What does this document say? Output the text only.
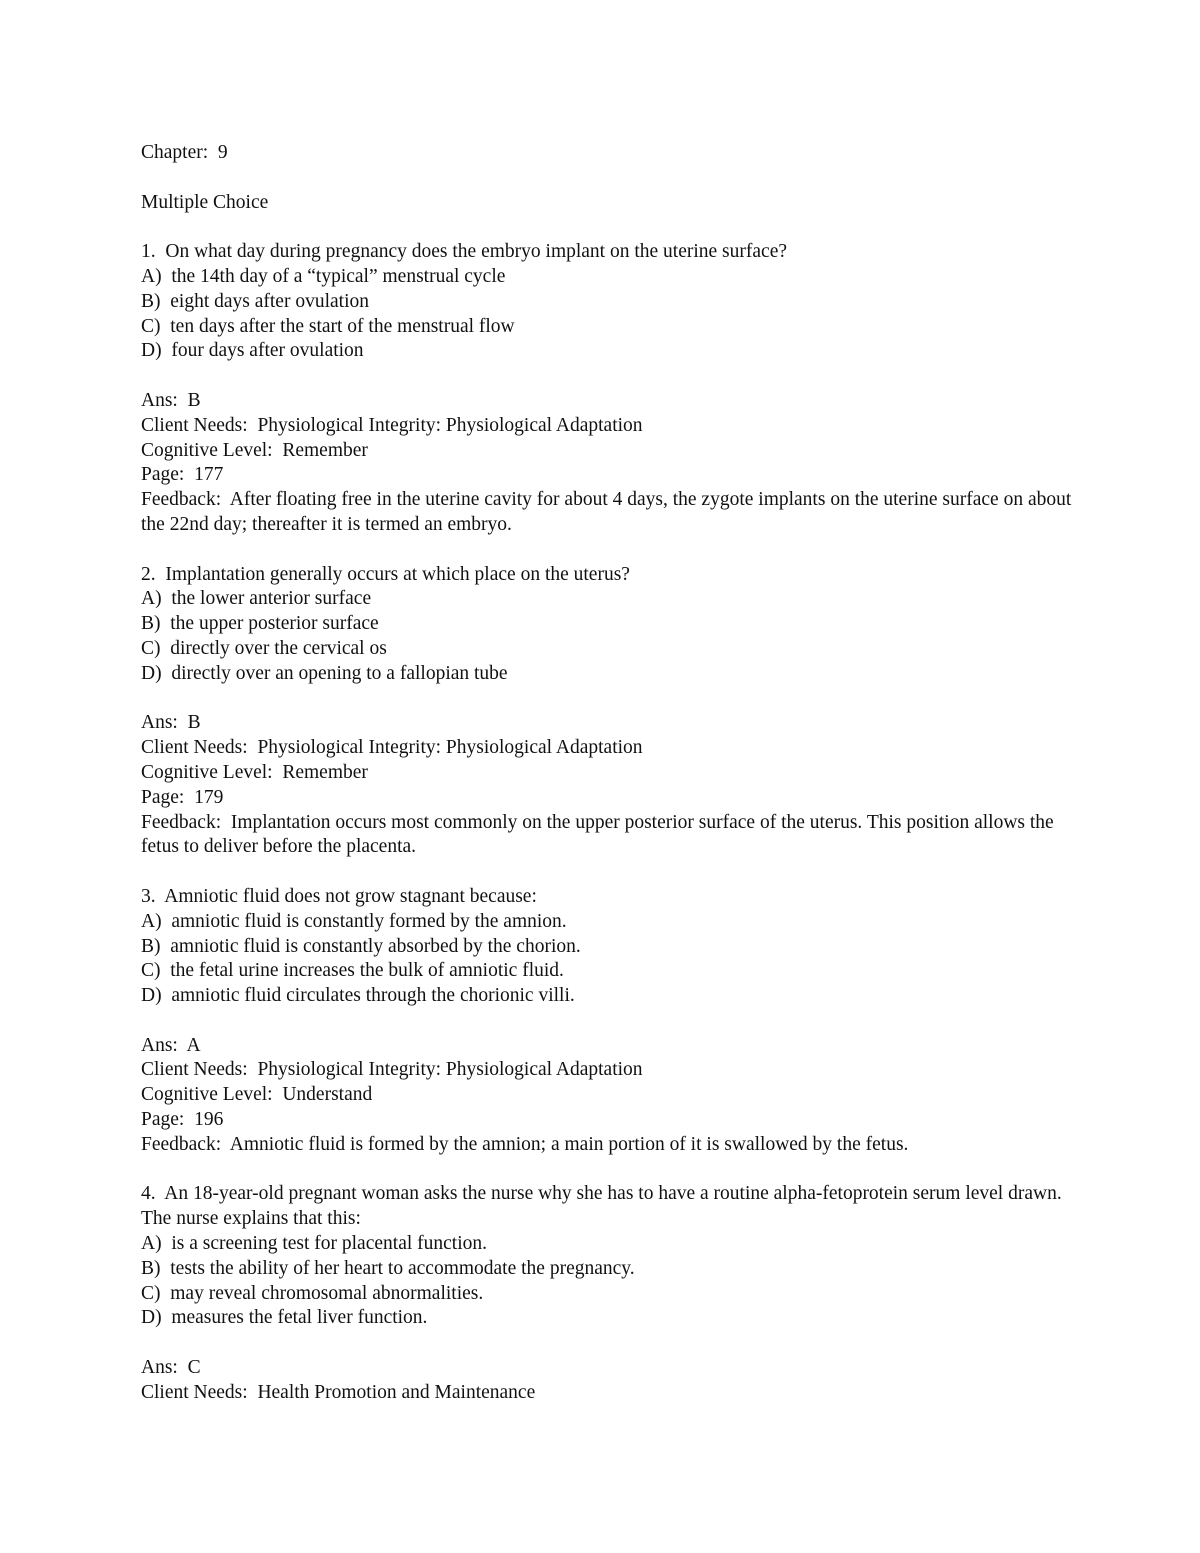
Chapter:  9
Multiple Choice
1.  On what day during pregnancy does the embryo implant on the uterine surface?
A)  the 14th day of a “typical” menstrual cycle
B)  eight days after ovulation
C)  ten days after the start of the menstrual flow
D)  four days after ovulation
Ans:  B
Client Needs:  Physiological Integrity: Physiological Adaptation
Cognitive Level:  Remember
Page:  177
Feedback:  After floating free in the uterine cavity for about 4 days, the zygote implants on the uterine surface on about the 22nd day; thereafter it is termed an embryo.
2.  Implantation generally occurs at which place on the uterus?
A)  the lower anterior surface
B)  the upper posterior surface
C)  directly over the cervical os
D)  directly over an opening to a fallopian tube
Ans:  B
Client Needs:  Physiological Integrity: Physiological Adaptation
Cognitive Level:  Remember
Page:  179
Feedback:  Implantation occurs most commonly on the upper posterior surface of the uterus. This position allows the fetus to deliver before the placenta.
3.  Amniotic fluid does not grow stagnant because:
A)  amniotic fluid is constantly formed by the amnion.
B)  amniotic fluid is constantly absorbed by the chorion.
C)  the fetal urine increases the bulk of amniotic fluid.
D)  amniotic fluid circulates through the chorionic villi.
Ans:  A
Client Needs:  Physiological Integrity: Physiological Adaptation
Cognitive Level:  Understand
Page:  196
Feedback:  Amniotic fluid is formed by the amnion; a main portion of it is swallowed by the fetus.
4.  An 18-year-old pregnant woman asks the nurse why she has to have a routine alpha-fetoprotein serum level drawn. The nurse explains that this:
A)  is a screening test for placental function.
B)  tests the ability of her heart to accommodate the pregnancy.
C)  may reveal chromosomal abnormalities.
D)  measures the fetal liver function.
Ans:  C
Client Needs:  Health Promotion and Maintenance
